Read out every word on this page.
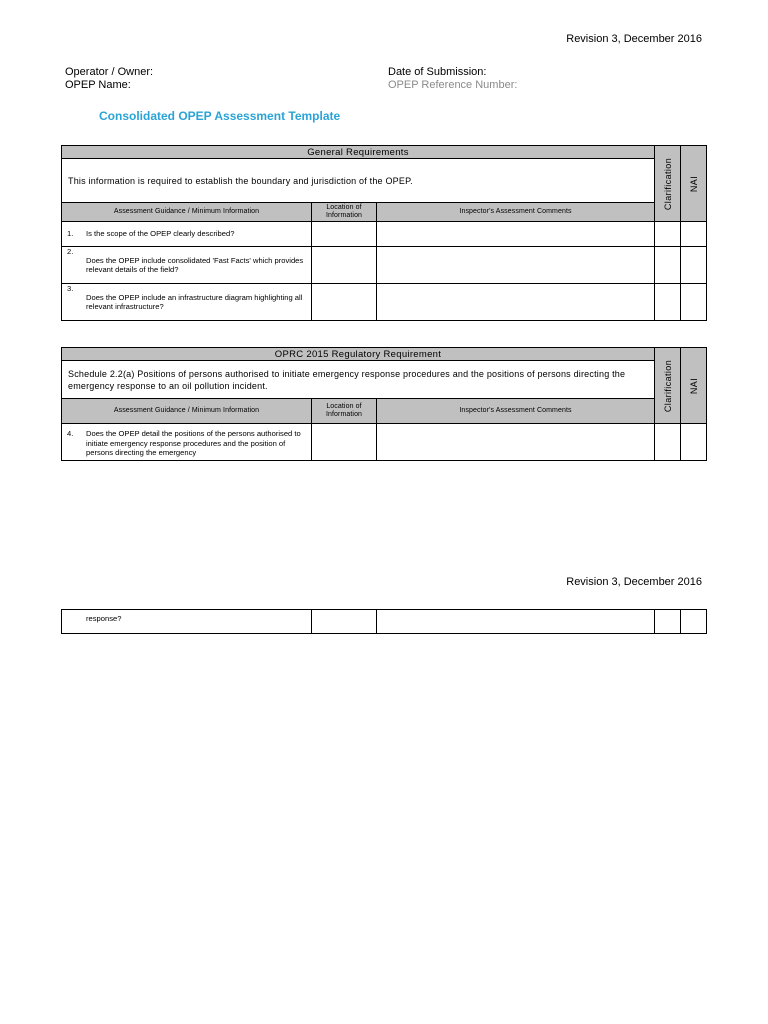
Revision 3, December 2016
Operator / Owner:
OPEP Name:
Date of Submission:
OPEP Reference Number:
Consolidated OPEP Assessment Template
General Requirements			Clarification	NAI

This information is required to establish the boundary and jurisdiction of the OPEP.				
Assessment Guidance / Minimum Information	Location of Information	Inspector's Assessment Comments		

1. Is the scope of the OPEP clearly described?				

2.
Does the OPEP include consolidated 'Fast Facts' which provides relevant details of the field?				

3.
Does the OPEP include an infrastructure diagram highlighting all relevant infrastructure?				

OPRC 2015 Regulatory Requirement			Clarification	NAI

Schedule 2.2(a) Positions of persons authorised to initiate emergency response procedures and the positions of persons directing the emergency response to an oil pollution incident.				
Assessment Guidance / Minimum Information	Location of Information	Inspector's Assessment Comments		

4. Does the OPEP detail the positions of the persons authorised to initiate emergency response procedures and the position of persons directing the emergency				

Revision 3, December 2016
response?
